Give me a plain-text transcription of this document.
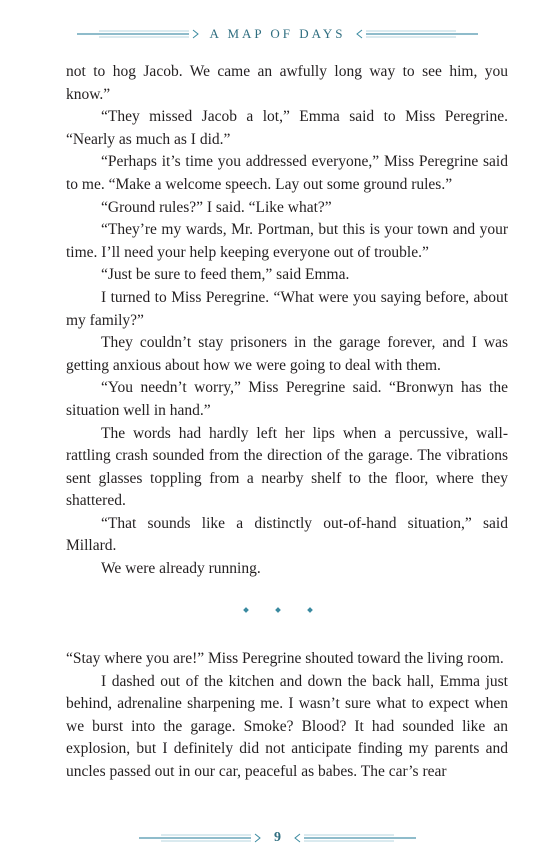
A MAP OF DAYS

not to hog Jacob. We came an awfully long way to see him, you know.”

“They missed Jacob a lot,” Emma said to Miss Peregrine. “Nearly as much as I did.”

“Perhaps it’s time you addressed everyone,” Miss Peregrine said to me. “Make a welcome speech. Lay out some ground rules.”

“Ground rules?” I said. “Like what?”

“They’re my wards, Mr. Portman, but this is your town and your time. I’ll need your help keeping everyone out of trouble.”

“Just be sure to feed them,” said Emma.

I turned to Miss Peregrine. “What were you saying before, about my family?”

They couldn’t stay prisoners in the garage forever, and I was getting anxious about how we were going to deal with them.

“You needn’t worry,” Miss Peregrine said. “Bronwyn has the situation well in hand.”

The words had hardly left her lips when a percussive, wall-rattling crash sounded from the direction of the garage. The vibrations sent glasses toppling from a nearby shelf to the floor, where they shattered.

“That sounds like a distinctly out-of-hand situation,” said Millard.

We were already running.

“Stay where you are!” Miss Peregrine shouted toward the living room.

I dashed out of the kitchen and down the back hall, Emma just behind, adrenaline sharpening me. I wasn’t sure what to expect when we burst into the garage. Smoke? Blood? It had sounded like an explosion, but I definitely did not anticipate finding my parents and uncles passed out in our car, peaceful as babes. The car’s rear

9
